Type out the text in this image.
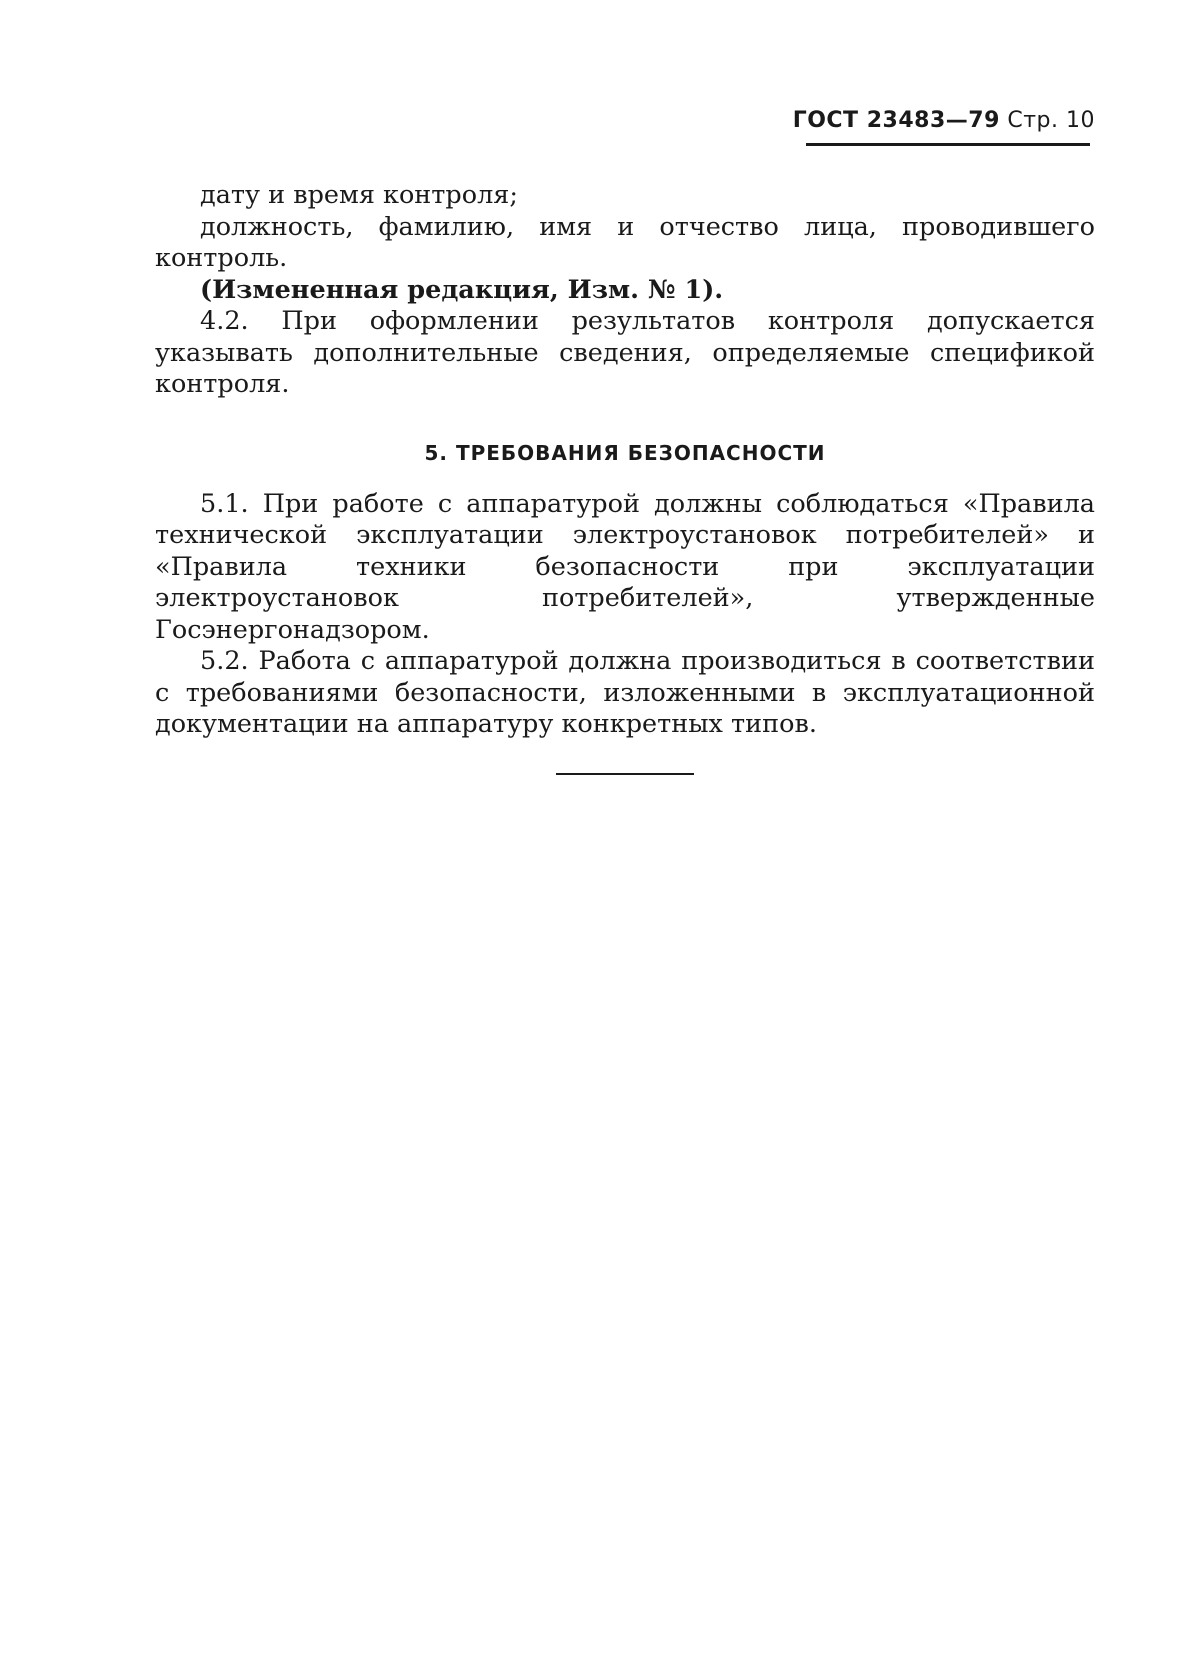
ГОСТ 23483—79 Стр. 10

дату и время контроля;

должность, фамилию, имя и отчество лица, проводившего контроль.

(Измененная редакция, Изм. № 1).

4.2. При оформлении результатов контроля допускается указывать дополнительные сведения, определяемые спецификой контроля.

5. ТРЕБОВАНИЯ БЕЗОПАСНОСТИ

5.1. При работе с аппаратурой должны соблюдаться «Правила технической эксплуатации электроустановок потребителей» и «Правила техники безопасности при эксплуатации электроустановок потребителей», утвержденные Госэнергонадзором.

5.2. Работа с аппаратурой должна производиться в соответствии с требованиями безопасности, изложенными в эксплуатационной документации на аппаратуру конкретных типов.
